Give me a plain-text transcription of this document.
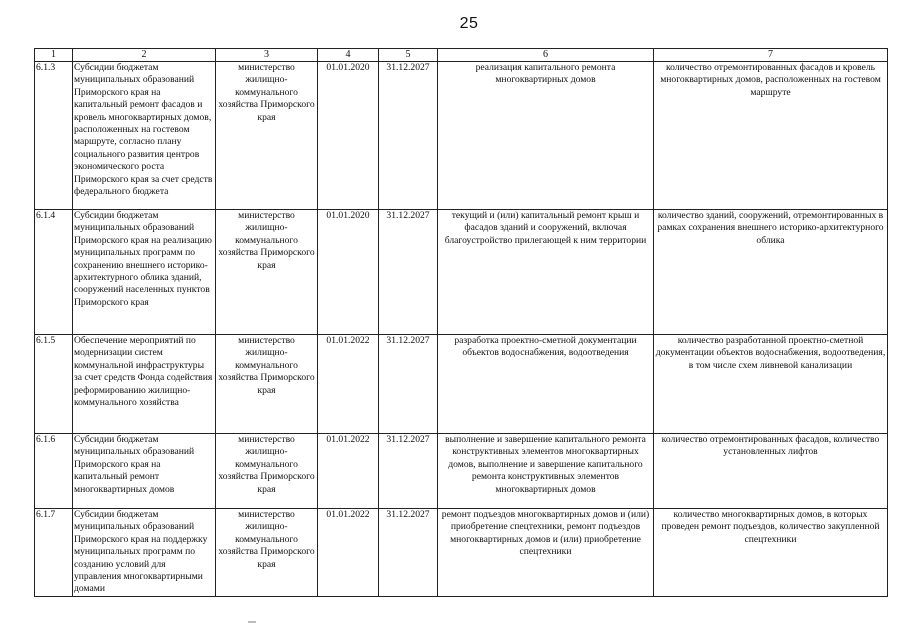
25
1	2	3	4	5	6	7
6.1.3	Субсидии бюджетам муниципальных образований Приморского края на капитальный ремонт фасадов и кровель многоквартирных домов, расположенных на гостевом маршруте, согласно плану социального развития центров экономического роста Приморского края за счет средств федерального бюджета	министерство жилищно-коммунального хозяйства Приморского края	01.01.2020	31.12.2027	реализация капитального ремонта многоквартирных домов	количество отремонтированных фасадов и кровель многоквартирных домов, расположенных на гостевом маршруте
6.1.4	Субсидии бюджетам муниципальных образований Приморского края на реализацию муниципальных программ по сохранению внешнего историко-архитектурного облика зданий, сооружений населенных пунктов Приморского края	министерство жилищно-коммунального хозяйства Приморского края	01.01.2020	31.12.2027	текущий и (или) капитальный ремонт крыш и фасадов зданий и сооружений, включая благоустройство прилегающей к ним территории	количество зданий, сооружений, отремонтированных в рамках сохранения внешнего историко-архитектурного облика
6.1.5	Обеспечение мероприятий по модернизации систем коммунальной инфраструктуры за счет средств Фонда содействия реформированию жилищно-коммунального хозяйства	министерство жилищно-коммунального хозяйства Приморского края	01.01.2022	31.12.2027	разработка проектно-сметной документации объектов водоснабжения, водоотведения	количество разработанной проектно-сметной документации объектов водоснабжения, водоотведения, в том числе схем ливневой канализации
6.1.6	Субсидии бюджетам муниципальных образований Приморского края на капитальный ремонт многоквартирных домов	министерство жилищно-коммунального хозяйства Приморского края	01.01.2022	31.12.2027	выполнение и завершение капитального ремонта конструктивных элементов многоквартирных домов, выполнение и завершение капитального ремонта конструктивных элементов многоквартирных домов	количество отремонтированных фасадов, количество установленных лифтов
6.1.7	Субсидии бюджетам муниципальных образований Приморского края на поддержку муниципальных программ по созданию условий для управления многоквартирными домами	министерство жилищно-коммунального хозяйства Приморского края	01.01.2022	31.12.2027	ремонт подъездов многоквартирных домов и (или) приобретение спецтехники, ремонт подъездов многоквартирных домов и (или) приобретение спецтехники	количество многоквартирных домов, в которых проведен ремонт подъездов, количество закупленной спецтехники
